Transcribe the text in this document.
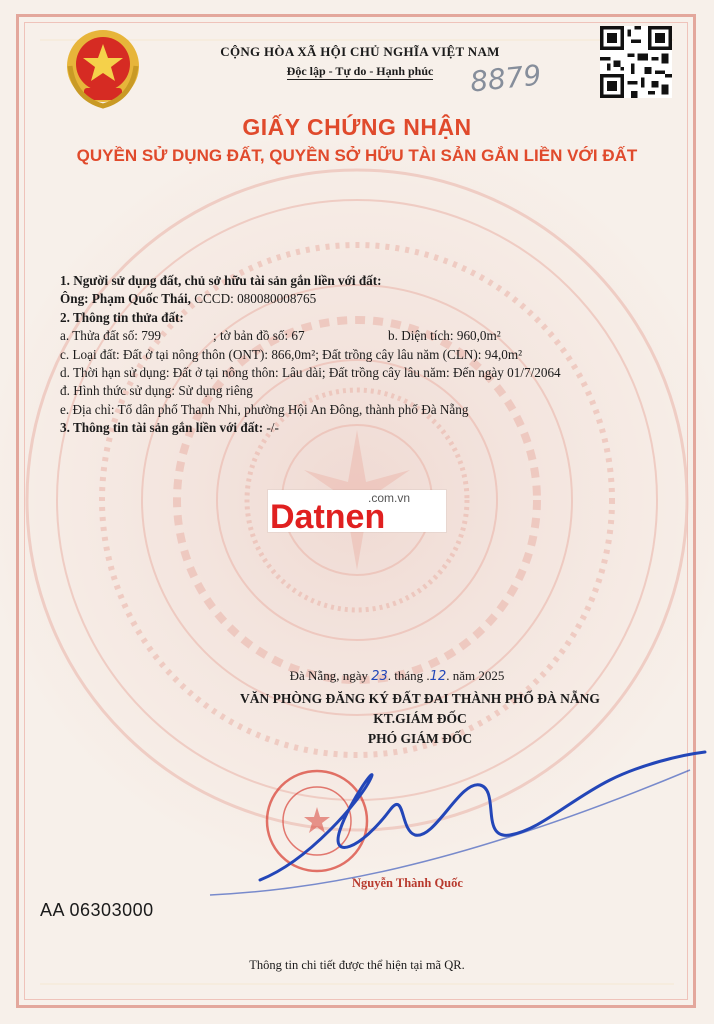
CỘNG HÒA XÃ HỘI CHỦ NGHĨA VIỆT NAM
Độc lập - Tự do - Hạnh phúc	8879
GIẤY CHỨNG NHẬN
QUYỀN SỬ DỤNG ĐẤT, QUYỀN SỞ HỮU TÀI SẢN GẮN LIỀN VỚI ĐẤT
1. Người sử dụng đất, chủ sở hữu tài sản gắn liền với đất:
Ông: Phạm Quốc Thái, CCCD: 080080008765
2. Thông tin thửa đất:
a. Thửa đất số: 799	; tờ bản đồ số: 67	b. Diện tích: 960,0m²
c. Loại đất: Đất ở tại nông thôn (ONT): 866,0m²; Đất trồng cây lâu năm (CLN): 94,0m²
d. Thời hạn sử dụng: Đất ở tại nông thôn: Lâu dài; Đất trồng cây lâu năm: Đến ngày 01/7/2064
đ. Hình thức sử dụng: Sử dụng riêng
e. Địa chỉ: Tổ dân phố Thanh Nhi, phường Hội An Đông, thành phố Đà Nẵng
3. Thông tin tài sản gắn liền với đất: -/-
.com.vn
Datnen
Đà Nẵng, ngày 23. tháng .12. năm 2025
VĂN PHÒNG ĐĂNG KÝ ĐẤT ĐAI THÀNH PHỐ ĐÀ NẴNG
KT.GIÁM ĐỐC
PHÓ GIÁM ĐỐC
Nguyễn Thành Quốc
AA 06303000
Thông tin chi tiết được thể hiện tại mã QR.
